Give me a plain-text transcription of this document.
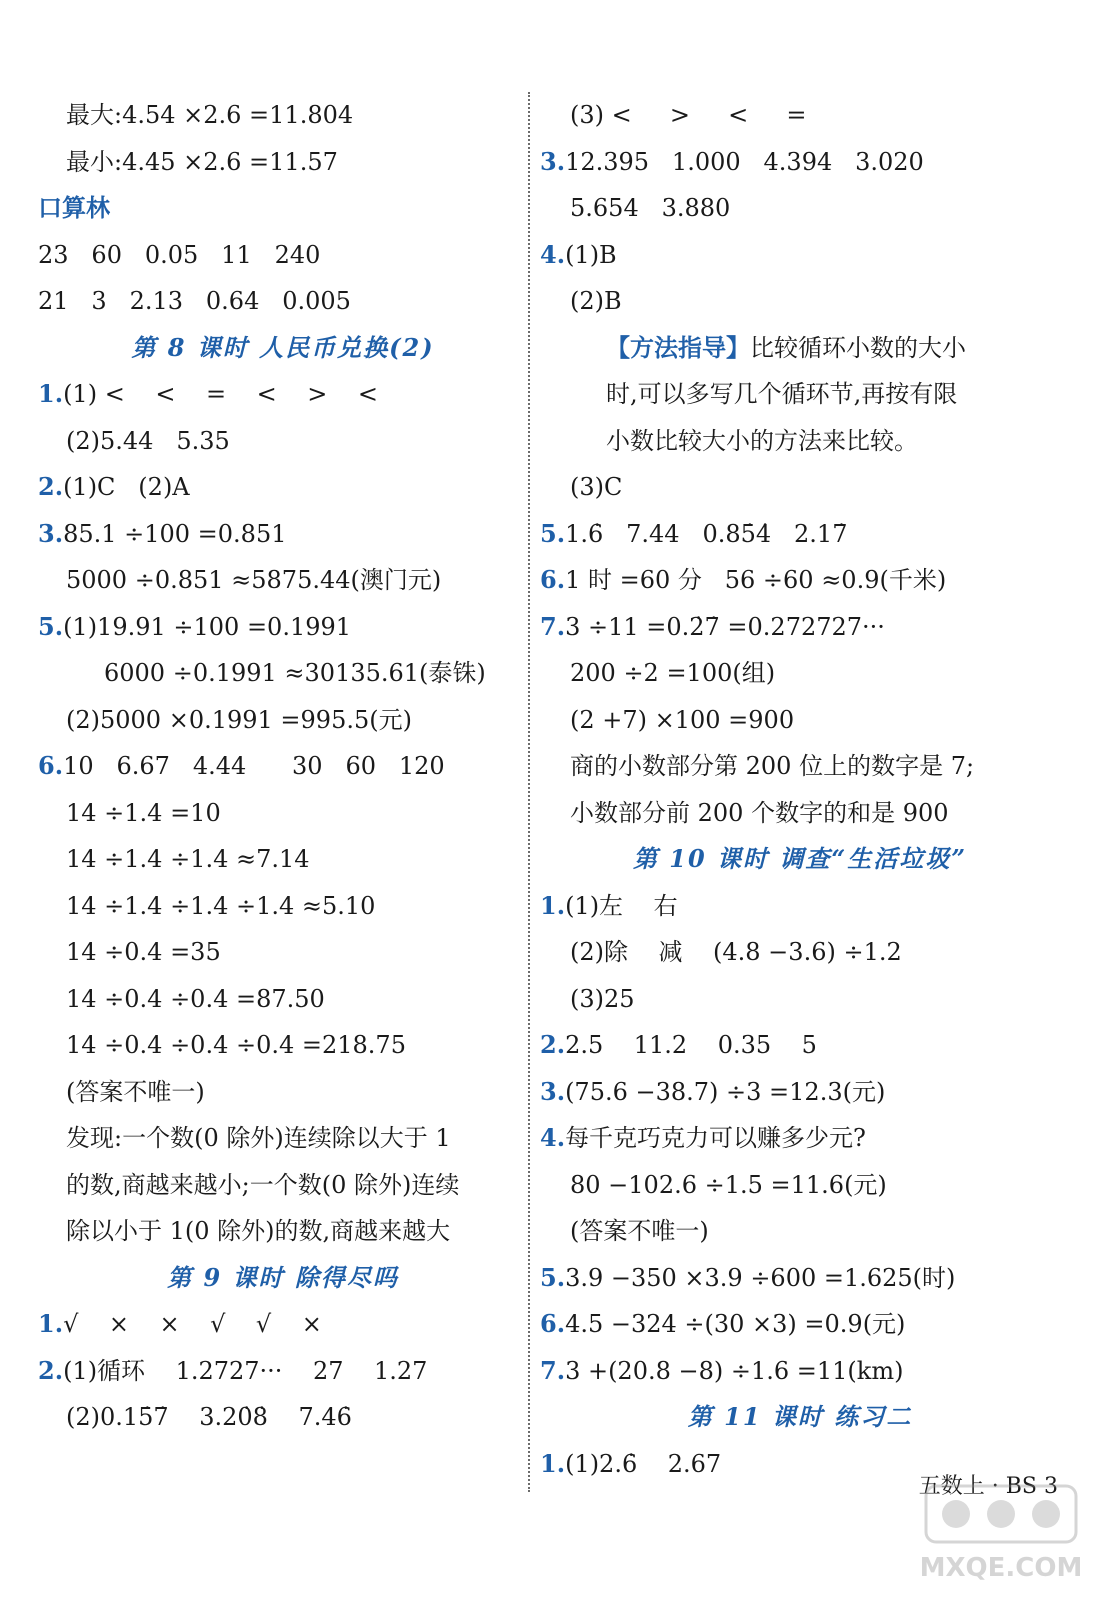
最大:4.54 ×2.6 =11.804
最小:4.45 ×2.6 =11.57
口算林
23   60   0.05   11   240
21   3   2.13   0.64   0.005
第 8 课时 人民币兑换(2)
1.(1) <    <    =    <    >    <
(2)5.44   5.35
2.(1)C   (2)A
3.85.1 ÷100 =0.851
5000 ÷0.851 ≈5875.44(澳门元)
5.(1)19.91 ÷100 =0.1991
6000 ÷0.1991 ≈30135.61(泰铢)
(2)5000 ×0.1991 =995.5(元)
6.10   6.67   4.44      30   60   120
14 ÷1.4 =10
14 ÷1.4 ÷1.4 ≈7.14
14 ÷1.4 ÷1.4 ÷1.4 ≈5.10
14 ÷0.4 =35
14 ÷0.4 ÷0.4 =87.50
14 ÷0.4 ÷0.4 ÷0.4 =218.75
(答案不唯一)
发现:一个数(0 除外)连续除以大于 1
的数,商越来越小;一个数(0 除外)连续
除以小于 1(0 除外)的数,商越来越大
第 9 课时 除得尽吗
1.√    ×    ×    √    √    ×
2.(1)循环    1.2727···    27    1.27
(2)0.15̇7̇    3.20̇8̇    7.46̇
(3) <     >     <     =
3.12.395   1.000   4.394   3.020
5.654   3.880
4.(1)B
(2)B
【方法指导】比较循环小数的大小
时,可以多写几个循环节,再按有限
小数比较大小的方法来比较。
(3)C
5.1.6̇   7.44   0.85̇4̇   2.17̇
6.1 时 =60 分   56 ÷60 ≈0.9(千米)
7.3 ÷11 =0.2̇7̇ =0.272727···
200 ÷2 =100(组)
(2 +7) ×100 =900
商的小数部分第 200 位上的数字是 7;
小数部分前 200 个数字的和是 900
第 10 课时 调查“生活垃圾”
1.(1)左    右
(2)除    减    (4.8 −3.6) ÷1.2
(3)25
2.2.5    11.2    0.35    5
3.(75.6 −38.7) ÷3 =12.3(元)
4.每千克巧克力可以赚多少元?
80 −102.6 ÷1.5 =11.6(元)
(答案不唯一)
5.3.9 −350 ×3.9 ÷600 =1.625(时)
6.4.5 −324 ÷(30 ×3) =0.9(元)
7.3 +(20.8 −8) ÷1.6 =11(km)
第 11 课时 练习二
1.(1)2.6̇    2.67
五数上 · BS 3
MXQE.COM
